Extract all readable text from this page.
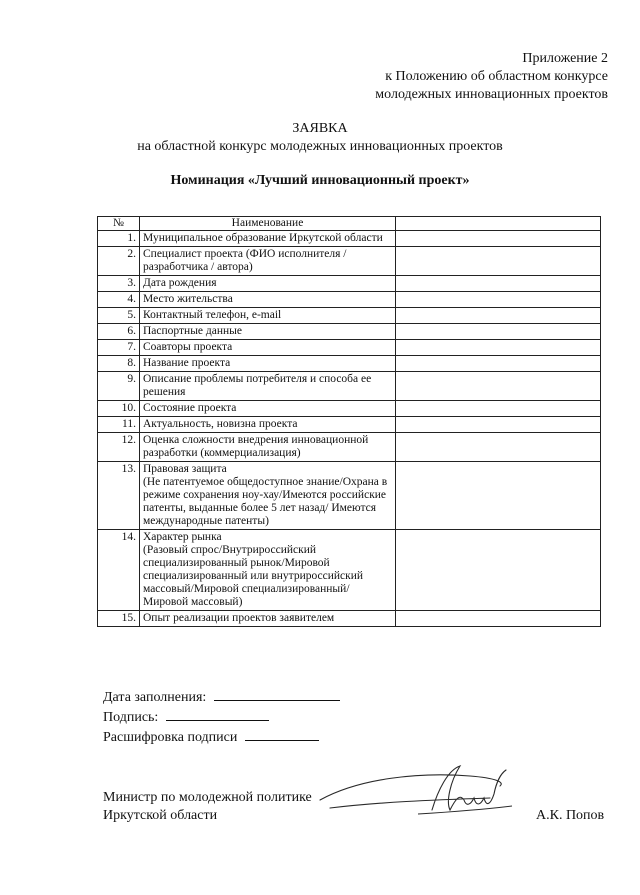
Приложение 2
к Положению об областном конкурсе
молодежных инновационных проектов
ЗАЯВКА
на областной конкурс молодежных инновационных проектов
Номинация «Лучший инновационный проект»
№	Наименование	
1.	Муниципальное образование Иркутской области	
2.	Специалист проекта (ФИО исполнителя / разработчика / автора)	
3.	Дата рождения	
4.	Место жительства	
5.	Контактный телефон, e-mail	
6.	Паспортные данные	
7.	Соавторы проекта	
8.	Название проекта	
9.	Описание проблемы потребителя и способа ее решения	
10.	Состояние проекта	
11.	Актуальность, новизна проекта	
12.	Оценка сложности внедрения инновационной разработки (коммерциализация)	
13.	Правовая защита
(Не патентуемое общедоступное знание/Охрана в режиме сохранения ноу-хау/Имеются российские патенты, выданные более 5 лет назад/ Имеются международные патенты)	
14.	Характер рынка
(Разовый спрос/Внутрироссийский специализированный рынок/Мировой специализированный или внутрироссийский массовый/Мировой специализированный/Мировой массовый)	
15.	Опыт реализации проектов заявителем	
Дата заполнения:
Подпись:
Расшифровка подписи
Министр по молодежной политике
Иркутской области	А.К. Попов
